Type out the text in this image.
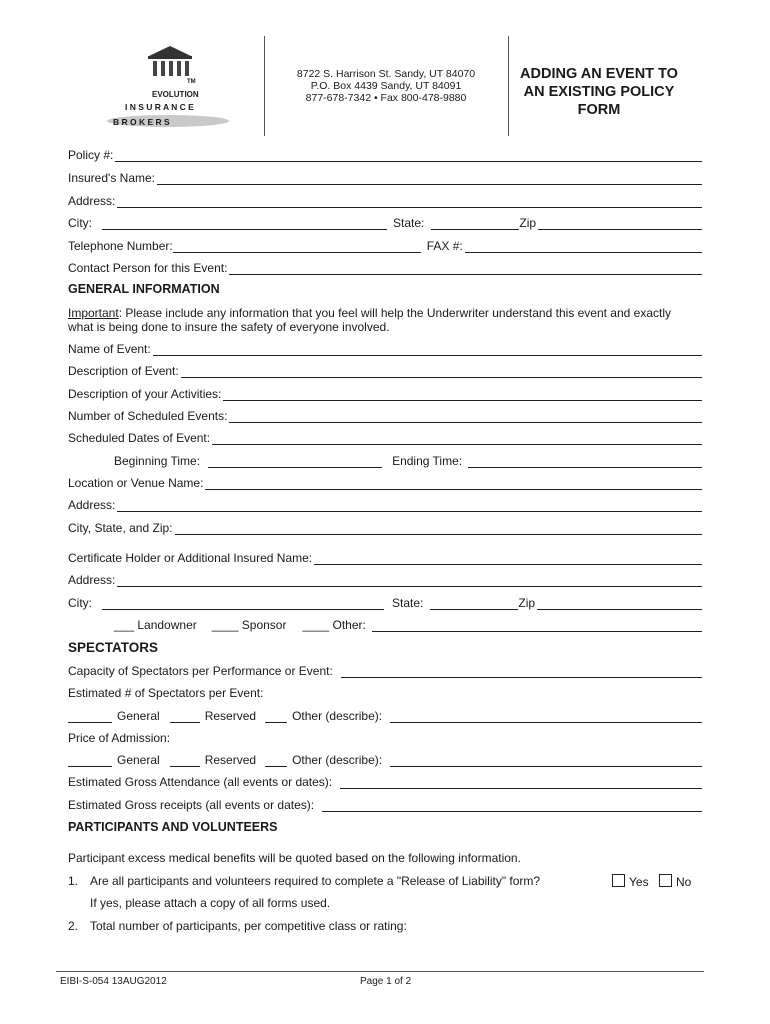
TM
EVOLUTION
I N S U R A N C E
B R O K E R S
8722 S. Harrison St. Sandy, UT 84070
P.O. Box 4439 Sandy, UT 84091
877-678-7342 • Fax 800-478-9880
ADDING AN EVENT TO
AN EXISTING POLICY
FORM
Policy #:
Insured's Name:
Address:
City:	State:	Zip
Telephone Number:	FAX #:
Contact Person for this Event:
GENERAL INFORMATION
Important: Please include any information that you feel will help the Underwriter understand this event and exactly
what is being done to insure the safety of everyone involved.
Name of Event:
Description of Event:
Description of your Activities:
Number of Scheduled Events:
Scheduled Dates of Event:
Beginning Time:	Ending Time:
Location or Venue Name:
Address:
City, State, and Zip:
Certificate Holder or Additional Insured Name:
Address:
City:	State:	Zip
___ Landowner ____ Sponsor ____ Other:
SPECTATORS
Capacity of Spectators per Performance or Event:
Estimated # of Spectators per Event:
General	Reserved	Other (describe):
Price of Admission:
General	Reserved	Other (describe):
Estimated Gross Attendance (all events or dates):
Estimated Gross receipts (all events or dates):
PARTICIPANTS AND VOLUNTEERS
Participant excess medical benefits will be quoted based on the following information.
1. Are all participants and volunteers required to complete a "Release of Liability" form?	Yes	No
If yes, please attach a copy of all forms used.
2. Total number of participants, per competitive class or rating:
EIBI-S-054 13AUG2012	Page 1 of 2
